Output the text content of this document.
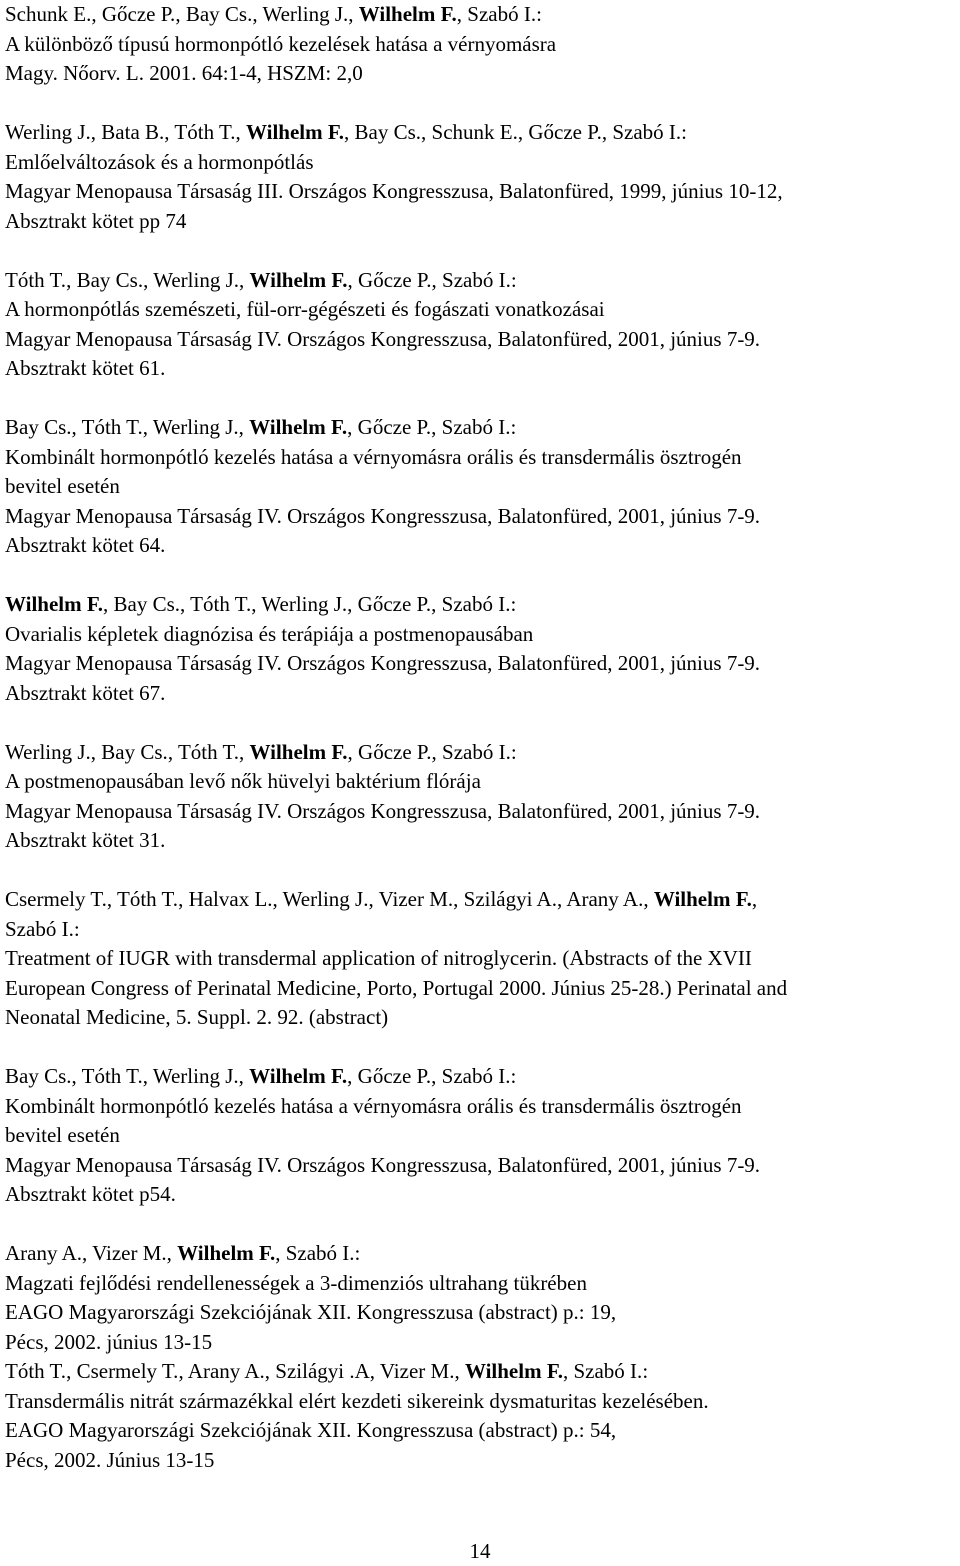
Schunk E., Gőcze P., Bay Cs., Werling J., Wilhelm F., Szabó I.:
A különböző típusú hormonpótló kezelések hatása a vérnyomásra
Magy. Nőorv. L. 2001. 64:1-4, HSZM: 2,0
Werling J., Bata B., Tóth T., Wilhelm F., Bay Cs., Schunk E., Gőcze P., Szabó I.:
Emlőelváltozások és a hormonpótlás
Magyar Menopausa Társaság III. Országos Kongresszusa, Balatonfüred, 1999, június 10-12,
Absztrakt kötet pp 74
Tóth T., Bay Cs., Werling J., Wilhelm F., Gőcze P., Szabó I.:
A hormonpótlás szemészeti, fül-orr-gégészeti és fogászati vonatkozásai
Magyar Menopausa Társaság IV. Országos Kongresszusa, Balatonfüred, 2001, június 7-9.
Absztrakt kötet 61.
Bay Cs., Tóth T., Werling J., Wilhelm F., Gőcze P., Szabó I.:
Kombinált hormonpótló kezelés hatása a vérnyomásra orális és transdermális ösztrogén
bevitel esetén
Magyar Menopausa Társaság IV. Országos Kongresszusa, Balatonfüred, 2001, június 7-9.
Absztrakt kötet 64.
Wilhelm F., Bay Cs., Tóth T., Werling J., Gőcze P., Szabó I.:
Ovarialis képletek diagnózisa és terápiája a postmenopausában
Magyar Menopausa Társaság IV. Országos Kongresszusa, Balatonfüred, 2001, június 7-9.
Absztrakt kötet 67.
Werling J., Bay Cs., Tóth T., Wilhelm F., Gőcze P., Szabó I.:
A postmenopausában levő nők hüvelyi baktérium flórája
Magyar Menopausa Társaság IV. Országos Kongresszusa, Balatonfüred, 2001, június 7-9.
Absztrakt kötet 31.
Csermely T., Tóth T., Halvax L., Werling J., Vizer M., Szilágyi A., Arany A., Wilhelm F.,
Szabó I.:
Treatment of IUGR with transdermal application of nitroglycerin. (Abstracts of the XVII
European Congress of Perinatal Medicine, Porto, Portugal 2000. Június 25-28.) Perinatal and
Neonatal Medicine, 5. Suppl. 2. 92. (abstract)
Bay Cs., Tóth T., Werling J., Wilhelm F., Gőcze P., Szabó I.:
Kombinált hormonpótló kezelés hatása a vérnyomásra orális és transdermális ösztrogén
bevitel esetén
Magyar Menopausa Társaság IV. Országos Kongresszusa, Balatonfüred, 2001, június 7-9.
Absztrakt kötet p54.
Arany A., Vizer M., Wilhelm F., Szabó I.:
Magzati fejlődési rendellenességek a 3-dimenziós ultrahang tükrében
EAGO Magyarországi Szekciójának XII. Kongresszusa (abstract) p.: 19,
Pécs, 2002. június 13-15
Tóth T., Csermely T., Arany A., Szilágyi .A, Vizer M., Wilhelm F., Szabó I.:
Transdermális nitrát származékkal elért kezdeti sikereink dysmaturitas kezelésében.
EAGO Magyarországi Szekciójának XII. Kongresszusa (abstract) p.: 54,
Pécs, 2002. Június 13-15
14
